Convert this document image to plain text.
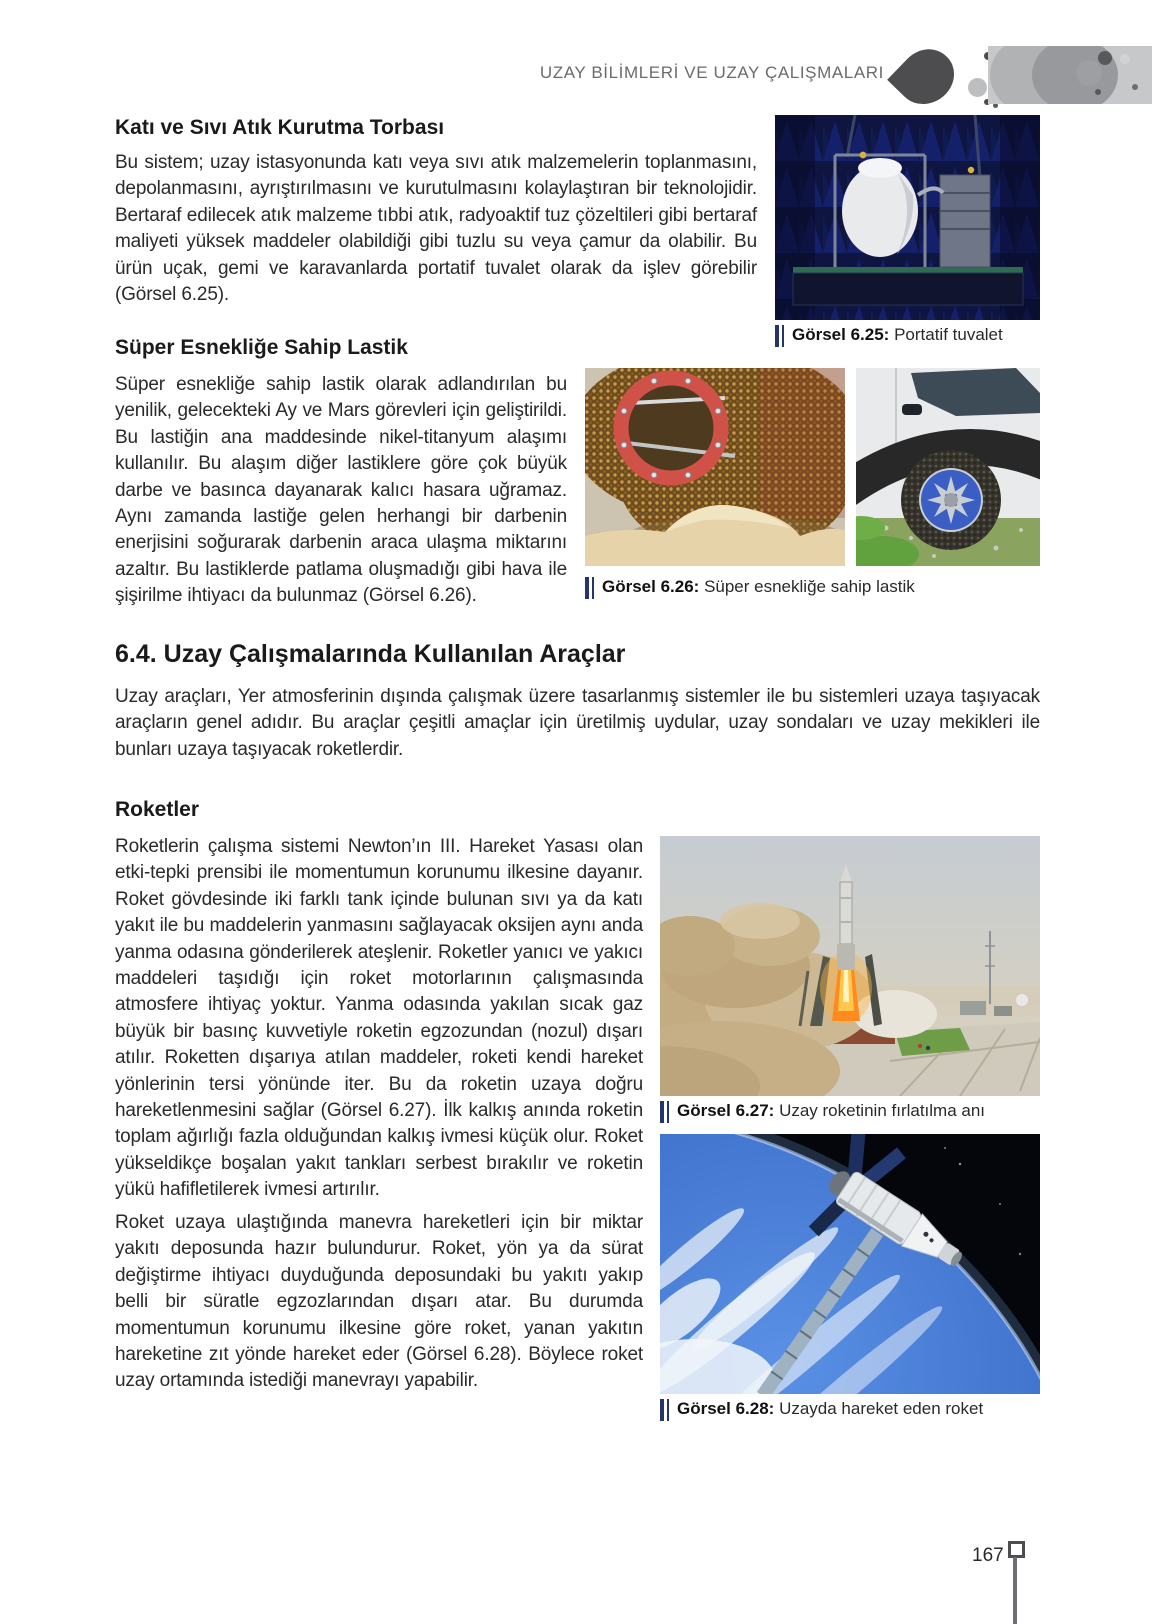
UZAY BİLİMLERİ VE UZAY ÇALIŞMALARI
Katı ve Sıvı Atık Kurutma Torbası

Bu sistem; uzay istasyonunda katı veya sıvı atık malzemelerin toplanmasını, depolanmasını, ayrıştırılmasını ve kurutulmasını kolaylaştıran bir teknolojidir. Bertaraf edilecek atık malzeme tıbbi atık, radyoaktif tuz çözeltileri gibi bertaraf maliyeti yüksek maddeler olabildiği gibi tuzlu su veya çamur da olabilir. Bu ürün uçak, gemi ve karavanlarda portatif tuvalet olarak da işlev görebilir (Görsel 6.25).

Görsel 6.25: Portatif tuvalet

Süper Esnekliğe Sahip Lastik

Süper esnekliğe sahip lastik olarak adlandırılan bu yenilik, gelecekteki Ay ve Mars görevleri için geliştirildi. Bu lastiğin ana maddesinde nikel-titanyum alaşımı kullanılır. Bu alaşım diğer lastiklere göre çok büyük darbe ve basınca dayanarak kalıcı hasara uğramaz. Aynı zamanda lastiğe gelen herhangi bir darbenin enerjisini soğurarak darbenin araca ulaşma miktarını azaltır. Bu lastiklerde patlama oluşmadığı gibi hava ile şişirilme ihtiyacı da bulunmaz (Görsel 6.26).	Görsel 6.26: Süper esnekliğe sahip lastik

6.4. Uzay Çalışmalarında Kullanılan Araçlar

Uzay araçları, Yer atmosferinin dışında çalışmak üzere tasarlanmış sistemler ile bu sistemleri uzaya taşıyacak araçların genel adıdır. Bu araçlar çeşitli amaçlar için üretilmiş uydular, uzay sondaları ve uzay mekikleri ile bunları uzaya taşıyacak roketlerdir.

Roketler

Roketlerin çalışma sistemi Newton’ın III. Hareket Yasası olan etki-tepki prensibi ile momentumun korunumu ilkesine dayanır. Roket gövdesinde iki farklı tank içinde bulunan sıvı ya da katı yakıt ile bu maddelerin yanmasını sağlayacak oksijen aynı anda yanma odasına gönderilerek ateşlenir. Roketler yanıcı ve yakıcı maddeleri taşıdığı için roket motorlarının çalışmasında atmosfere ihtiyaç yoktur. Yanma odasında yakılan sıcak gaz büyük bir basınç kuvvetiyle roketin egzozundan (nozul) dışarı atılır. Roketten dışarıya atılan maddeler, roketi kendi hareket yönlerinin tersi yönünde iter. Bu da roketin uzaya doğru hareketlenmesini sağlar (Görsel 6.27). İlk kalkış anında roketin toplam ağırlığı fazla olduğundan kalkış ivmesi küçük olur. Roket yükseldikçe boşalan yakıt tankları serbest bırakılır ve roketin yükü hafifletilerek ivmesi artırılır.

Roket uzaya ulaştığında manevra hareketleri için bir miktar yakıtı deposunda hazır bulundurur. Roket, yön ya da sürat değiştirme ihtiyacı duyduğunda deposundaki bu yakıtı yakıp belli bir süratle egzozlarından dışarı atar. Bu durumda momentumun korunumu ilkesine göre roket, yanan yakıtın hareketine zıt yönde hareket eder (Görsel 6.28). Böylece roket uzay ortamında istediği manevrayı yapabilir.

Görsel 6.27: Uzay roketinin fırlatılma anı

Görsel 6.28: Uzayda hareket eden roket

167
